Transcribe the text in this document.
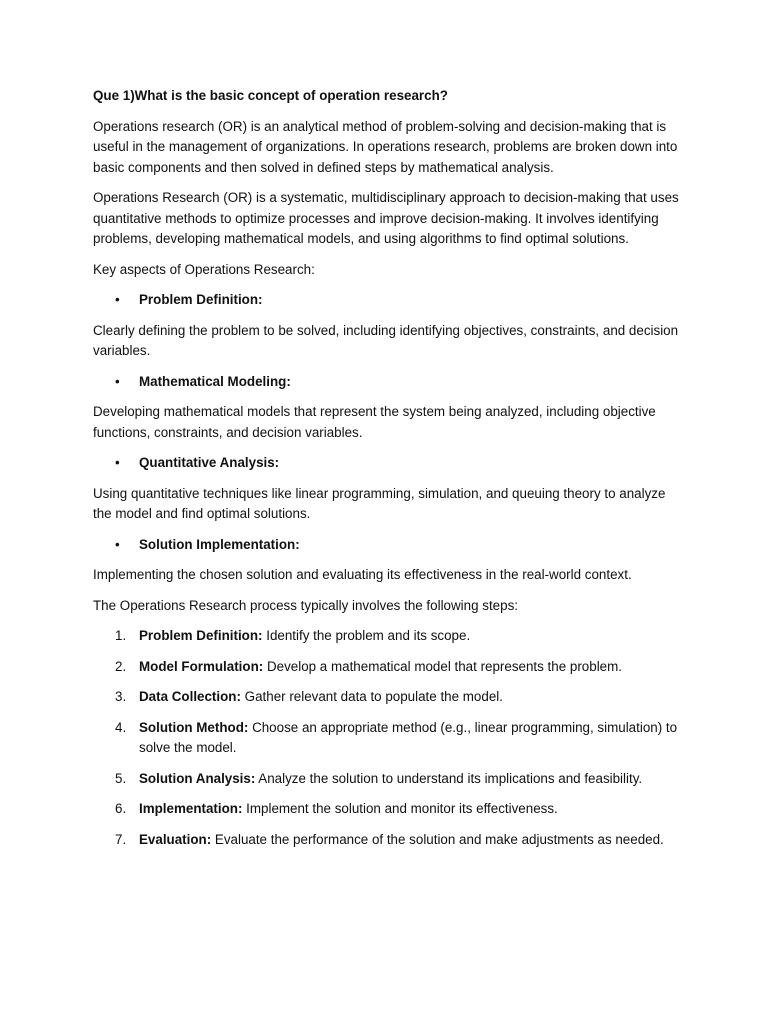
Que 1)What is the basic concept of operation research?

Operations research (OR) is an analytical method of problem-solving and decision-making that is useful in the management of organizations. In operations research, problems are broken down into basic components and then solved in defined steps by mathematical analysis.

Operations Research (OR) is a systematic, multidisciplinary approach to decision-making that uses quantitative methods to optimize processes and improve decision-making. It involves identifying problems, developing mathematical models, and using algorithms to find optimal solutions.

Key aspects of Operations Research:

• Problem Definition:

Clearly defining the problem to be solved, including identifying objectives, constraints, and decision variables.

• Mathematical Modeling:

Developing mathematical models that represent the system being analyzed, including objective functions, constraints, and decision variables.

• Quantitative Analysis:

Using quantitative techniques like linear programming, simulation, and queuing theory to analyze the model and find optimal solutions.

• Solution Implementation:

Implementing the chosen solution and evaluating its effectiveness in the real-world context.

The Operations Research process typically involves the following steps:

1. Problem Definition: Identify the problem and its scope.
2. Model Formulation: Develop a mathematical model that represents the problem.
3. Data Collection: Gather relevant data to populate the model.
4. Solution Method: Choose an appropriate method (e.g., linear programming, simulation) to solve the model.
5. Solution Analysis: Analyze the solution to understand its implications and feasibility.
6. Implementation: Implement the solution and monitor its effectiveness.
7. Evaluation: Evaluate the performance of the solution and make adjustments as needed.
